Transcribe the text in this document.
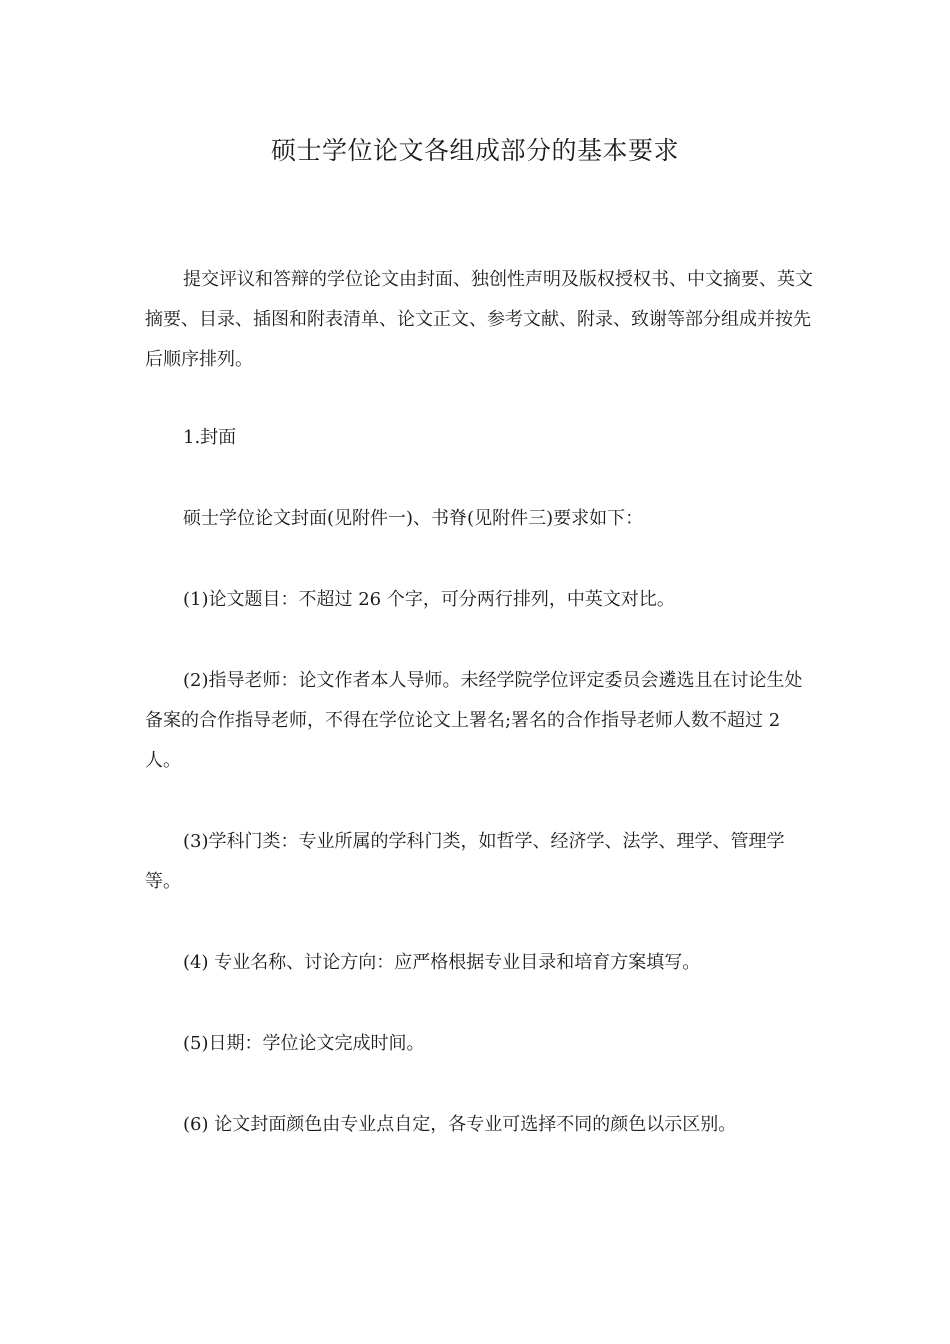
硕士学位论文各组成部分的基本要求

提交评议和答辩的学位论文由封面、独创性声明及版权授权书、中文摘要、英文摘要、目录、插图和附表清单、论文正文、参考文献、附录、致谢等部分组成并按先后顺序排列。

1.封面

硕士学位论文封面(见附件一)、书脊(见附件三)要求如下：

(1)论文题目：不超过 26 个字，可分两行排列，中英文对比。

(2)指导老师：论文作者本人导师。未经学院学位评定委员会遴选且在讨论生处备案的合作指导老师，不得在学位论文上署名;署名的合作指导老师人数不超过 2 人。

(3)学科门类：专业所属的学科门类，如哲学、经济学、法学、理学、管理学等。

(4) 专业名称、讨论方向：应严格根据专业目录和培育方案填写。

(5)日期：学位论文完成时间。

(6) 论文封面颜色由专业点自定，各专业可选择不同的颜色以示区别。
